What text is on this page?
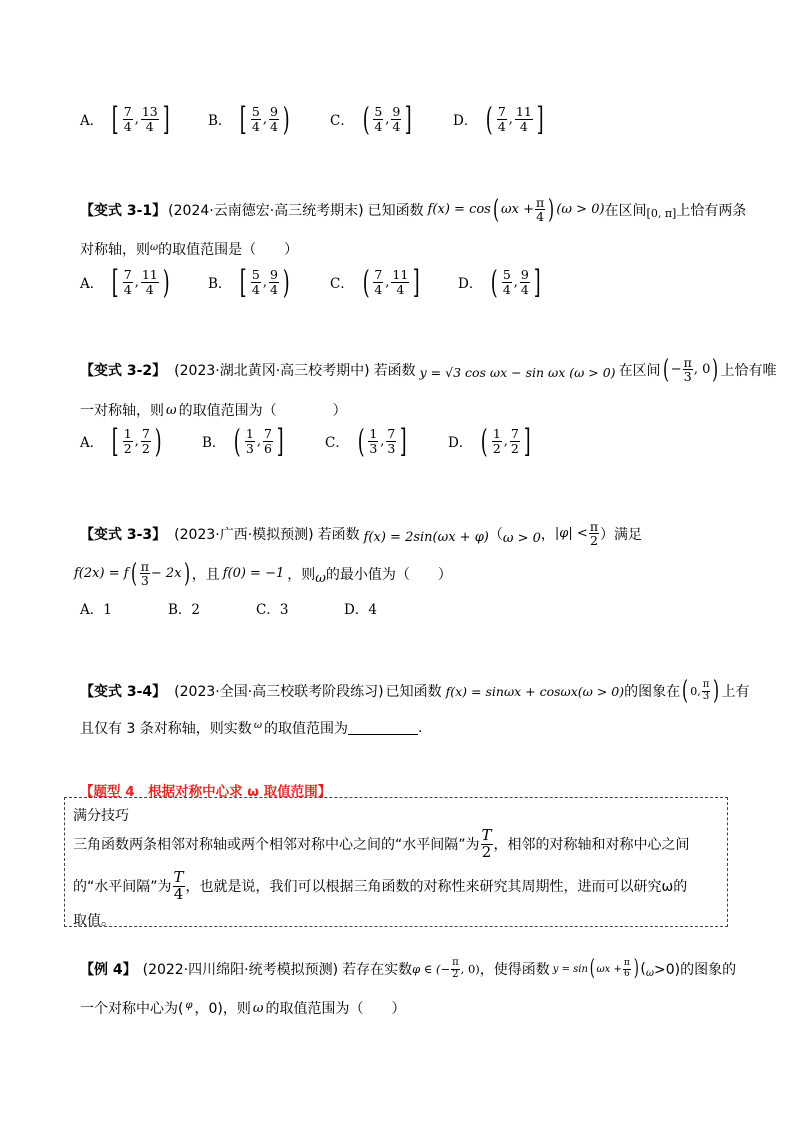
A． [ $\frac{7}{4}$ , $\frac{13}{4}$ ]	B． [ $\frac{5}{4}$ , $\frac{9}{4}$ )	C． ( $\frac{5}{4}$ , $\frac{9}{4}$ ]	D． ( $\frac{7}{4}$ , $\frac{11}{4}$ ]
【变式 3-1】 (2024·云南德宏·高三统考期末) 已知函数 f(x) = cos ( $\omega x + \frac{\pi}{4}$ ) (ω > 0) 在区间 [0, π] 上恰有两条
对称轴，则 ω 的取值范围是（　　）
A． [ $\frac{7}{4}$ , $\frac{11}{4}$ )	B． [ $\frac{5}{4}$ , $\frac{9}{4}$ )	C． ( $\frac{7}{4}$ , $\frac{11}{4}$ ]	D． ( $\frac{5}{4}$ , $\frac{9}{4}$ ]
【变式 3-2】 (2023·湖北黄冈·高三校考期中) 若函数 y = √3 cos ωx − sin ωx (ω > 0) 在区间 ( − $\frac{\pi}{3}$ , 0 ) 上恰有唯
一对称轴，则 ω 的取值范围为（　　　　）
A． [ $\frac{1}{2}$ , $\frac{7}{2}$ )	B． ( $\frac{1}{3}$ , $\frac{7}{6}$ ]	C． ( $\frac{1}{3}$ , $\frac{7}{3}$ ]	D． ( $\frac{1}{2}$ , $\frac{7}{2}$ ]
【变式 3-3】 (2023·广西·模拟预测) 若函数 f(x) = 2sin(ωx + φ) （ ω > 0 ， $|\varphi| < \frac{\pi}{2}$ ）满足
f(2x) = f ( $\frac{\pi}{3} - 2x$ ) ，且 f(0) = −1 ，则 ω 的最小值为（　　）
A．1	B．2	C．3	D．4
【变式 3-4】 (2023·全国·高三校联考阶段练习) 已知函数 f(x) = sinωx + cosωx(ω > 0) 的图象在 ( 0, $\frac{\pi}{3}$ ) 上有
且仅有 3 条对称轴，则实数 ω 的取值范围为	.
【题型 4　根据对称中心求 ω 取值范围】
满分技巧
三角函数两条相邻对称轴或两个相邻对称中心之间的“水平间隔”为 $\frac{T}{2}$ ，相邻的对称轴和对称中心之间
的“水平间隔”为 $\frac{T}{4}$ ，也就是说，我们可以根据三角函数的对称性来研究其周期性，进而可以研究ω的
取值。
【例 4】 (2022·四川绵阳·统考模拟预测) 若存在实数 φ ∈ (− $\frac{\pi}{2}$ , 0) ，使得函数 y = sin ( $\omega x + \frac{\pi}{6}$ ) ( ω >0)的图象的
一个对称中心为( φ ，0)，则 ω 的取值范围为（　　）
